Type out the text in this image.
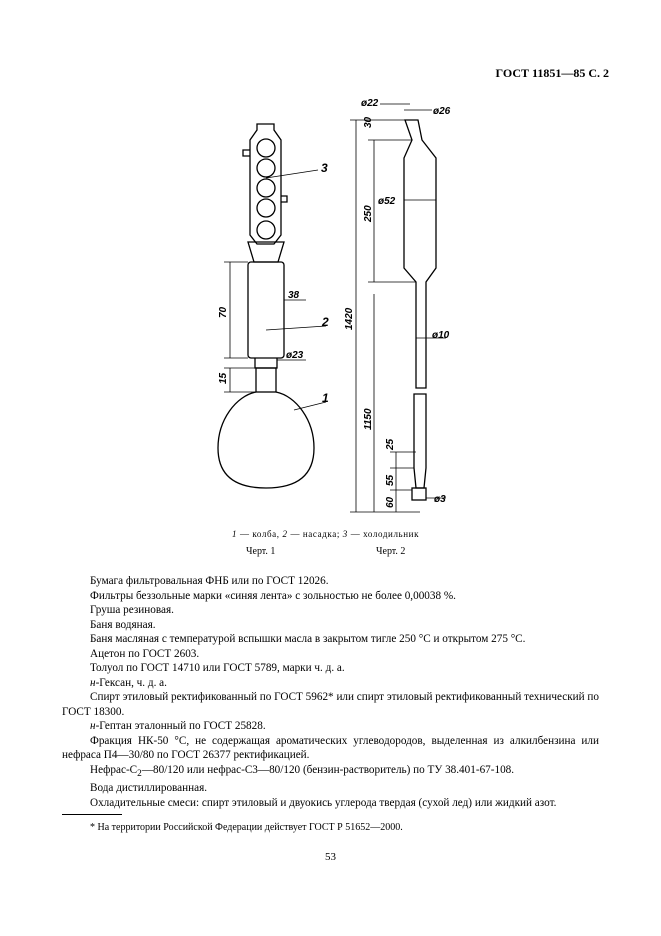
ГОСТ 11851—85 С. 2
70
38
15
ø23
3
2
1
ø22
ø26
30
ø52
250
1420
ø10
1150
25
55
60	ø3
1 — колба, 2 — насадка; 3 — холодильник
Черт. 1	Черт. 2

Бумага фильтровальная ФНБ или по ГОСТ 12026.

Фильтры беззольные марки «синяя лента» с зольностью не более 0,00038 %.

Груша резиновая.

Баня водяная.

Баня масляная с температурой вспышки масла в закрытом тигле 250 °С и открытом 275 °С.

Ацетон по ГОСТ 2603.

Толуол по ГОСТ 14710 или ГОСТ 5789, марки ч. д. а.

н-Гексан, ч. д. а.

Спирт этиловый ректификованный по ГОСТ 5962* или спирт этиловый ректификованный технический по ГОСТ 18300.

н-Гептан эталонный по ГОСТ 25828.

Фракция НК-50 °С, не содержащая ароматических углеводородов, выделенная из алкилбензина или нефраса П4—30/80 по ГОСТ 26377 ректификацией.

Нефрас-$С_2—80/120$ или нефрас-С3—80/120 (бензин-растворитель) по ТУ 38.401-67-108.

Вода дистиллированная.

Охладительные смеси: спирт этиловый и двуокись углерода твердая (сухой лед) или жидкий азот.

* На территории Российской Федерации действует ГОСТ Р 51652—2000.
53
